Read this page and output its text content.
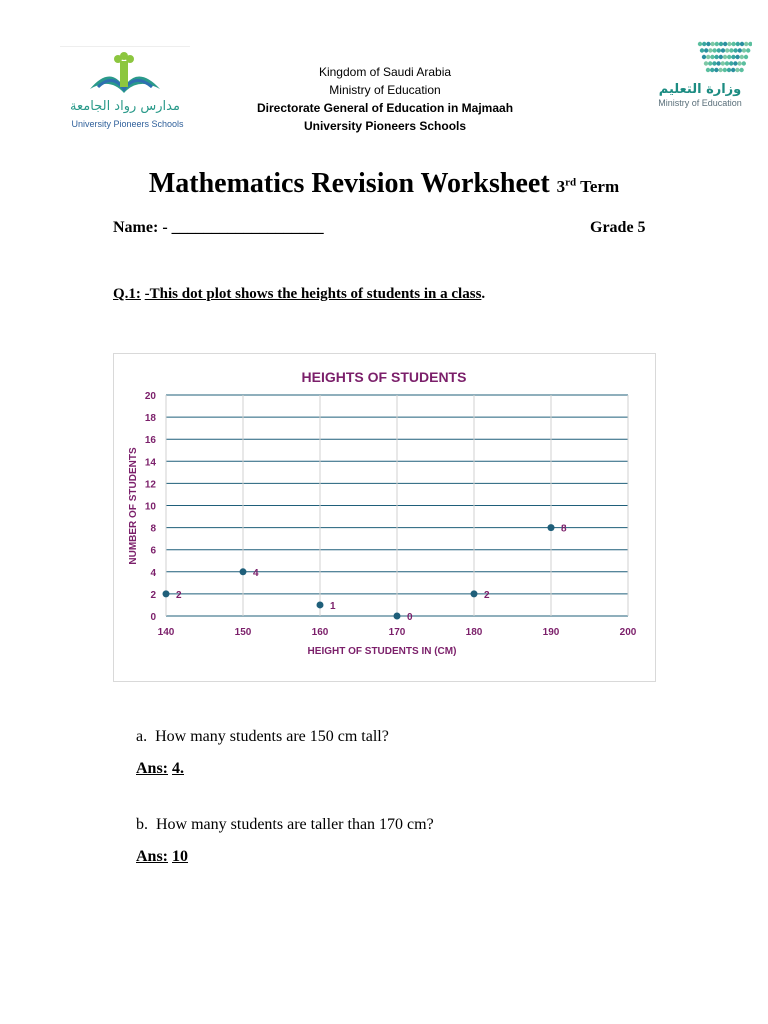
مدارس رواد الجامعة
University Pioneers Schools
Kingdom of Saudi Arabia
Ministry of Education
Directorate General of Education in Majmaah
University Pioneers Schools
وزارة التعليم
Ministry of Education
Mathematics Revision Worksheet 3rd Term
Name: - ___________________	Grade 5
Q.1: -This dot plot shows the heights of students in a class.
HEIGHTS OF STUDENTS
0
2
4
6
8
10
12
14
16
18
20
140	150	160	170	180	190	200
2
4
1
0
2
8
HEIGHT OF STUDENTS IN (CM)
NUMBER OF STUDENTS
a. How many students are 150 cm tall?
Ans: 4.
b. How many students are taller than 170 cm?
Ans: 10
